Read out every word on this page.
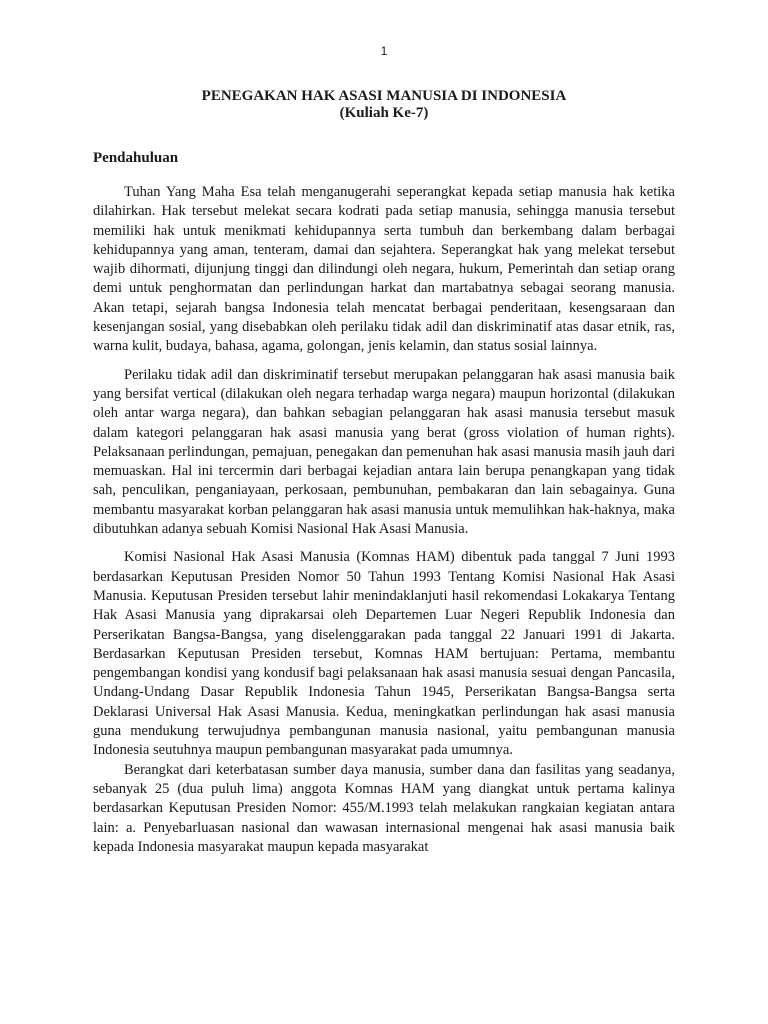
1
PENEGAKAN HAK ASASI MANUSIA DI INDONESIA
(Kuliah Ke-7)
Pendahuluan

Tuhan Yang Maha Esa telah menganugerahi seperangkat kepada setiap manusia hak ketika dilahirkan. Hak tersebut melekat secara kodrati pada setiap manusia, sehingga manusia tersebut memiliki hak untuk menikmati kehidupannya serta tumbuh dan berkembang dalam berbagai kehidupannya yang aman, tenteram, damai dan sejahtera. Seperangkat hak yang melekat tersebut wajib dihormati, dijunjung tinggi dan dilindungi oleh negara, hukum, Pemerintah dan setiap orang demi untuk penghormatan dan perlindungan harkat dan martabatnya sebagai seorang manusia. Akan tetapi, sejarah bangsa Indonesia telah mencatat berbagai penderitaan, kesengsaraan dan kesenjangan sosial, yang disebabkan oleh perilaku tidak adil dan diskriminatif atas dasar etnik, ras, warna kulit, budaya, bahasa, agama, golongan, jenis kelamin, dan status sosial lainnya.

Perilaku tidak adil dan diskriminatif tersebut merupakan pelanggaran hak asasi manusia baik yang bersifat vertical (dilakukan oleh negara terhadap warga negara) maupun horizontal (dilakukan oleh antar warga negara), dan bahkan sebagian pelanggaran hak asasi manusia tersebut masuk dalam kategori pelanggaran hak asasi manusia yang berat (gross violation of human rights). Pelaksanaan perlindungan, pemajuan, penegakan dan pemenuhan hak asasi manusia masih jauh dari memuaskan. Hal ini tercermin dari berbagai kejadian antara lain berupa penangkapan yang tidak sah, penculikan, penganiayaan, perkosaan, pembunuhan, pembakaran dan lain sebagainya. Guna membantu masyarakat korban pelanggaran hak asasi manusia untuk memulihkan hak-haknya, maka dibutuhkan adanya sebuah Komisi Nasional Hak Asasi Manusia.

Komisi Nasional Hak Asasi Manusia (Komnas HAM) dibentuk pada tanggal 7 Juni 1993 berdasarkan Keputusan Presiden Nomor 50 Tahun 1993 Tentang Komisi Nasional Hak Asasi Manusia. Keputusan Presiden tersebut lahir menindaklanjuti hasil rekomendasi Lokakarya Tentang Hak Asasi Manusia yang diprakarsai oleh Departemen Luar Negeri Republik Indonesia dan Perserikatan Bangsa-Bangsa, yang diselenggarakan pada tanggal 22 Januari 1991 di Jakarta. Berdasarkan Keputusan Presiden tersebut, Komnas HAM bertujuan: Pertama, membantu pengembangan kondisi yang kondusif bagi pelaksanaan hak asasi manusia sesuai dengan Pancasila, Undang-Undang Dasar Republik Indonesia Tahun 1945, Perserikatan Bangsa-Bangsa serta Deklarasi Universal Hak Asasi Manusia. Kedua, meningkatkan perlindungan hak asasi manusia guna mendukung terwujudnya pembangunan manusia nasional, yaitu pembangunan manusia Indonesia seutuhnya maupun pembangunan masyarakat pada umumnya.

Berangkat dari keterbatasan sumber daya manusia, sumber dana dan fasilitas yang seadanya, sebanyak 25 (dua puluh lima) anggota Komnas HAM yang diangkat untuk pertama kalinya berdasarkan Keputusan Presiden Nomor: 455/M.1993 telah melakukan rangkaian kegiatan antara lain: a. Penyebarluasan nasional dan wawasan internasional mengenai hak asasi manusia baik kepada Indonesia masyarakat maupun kepada masyarakat
